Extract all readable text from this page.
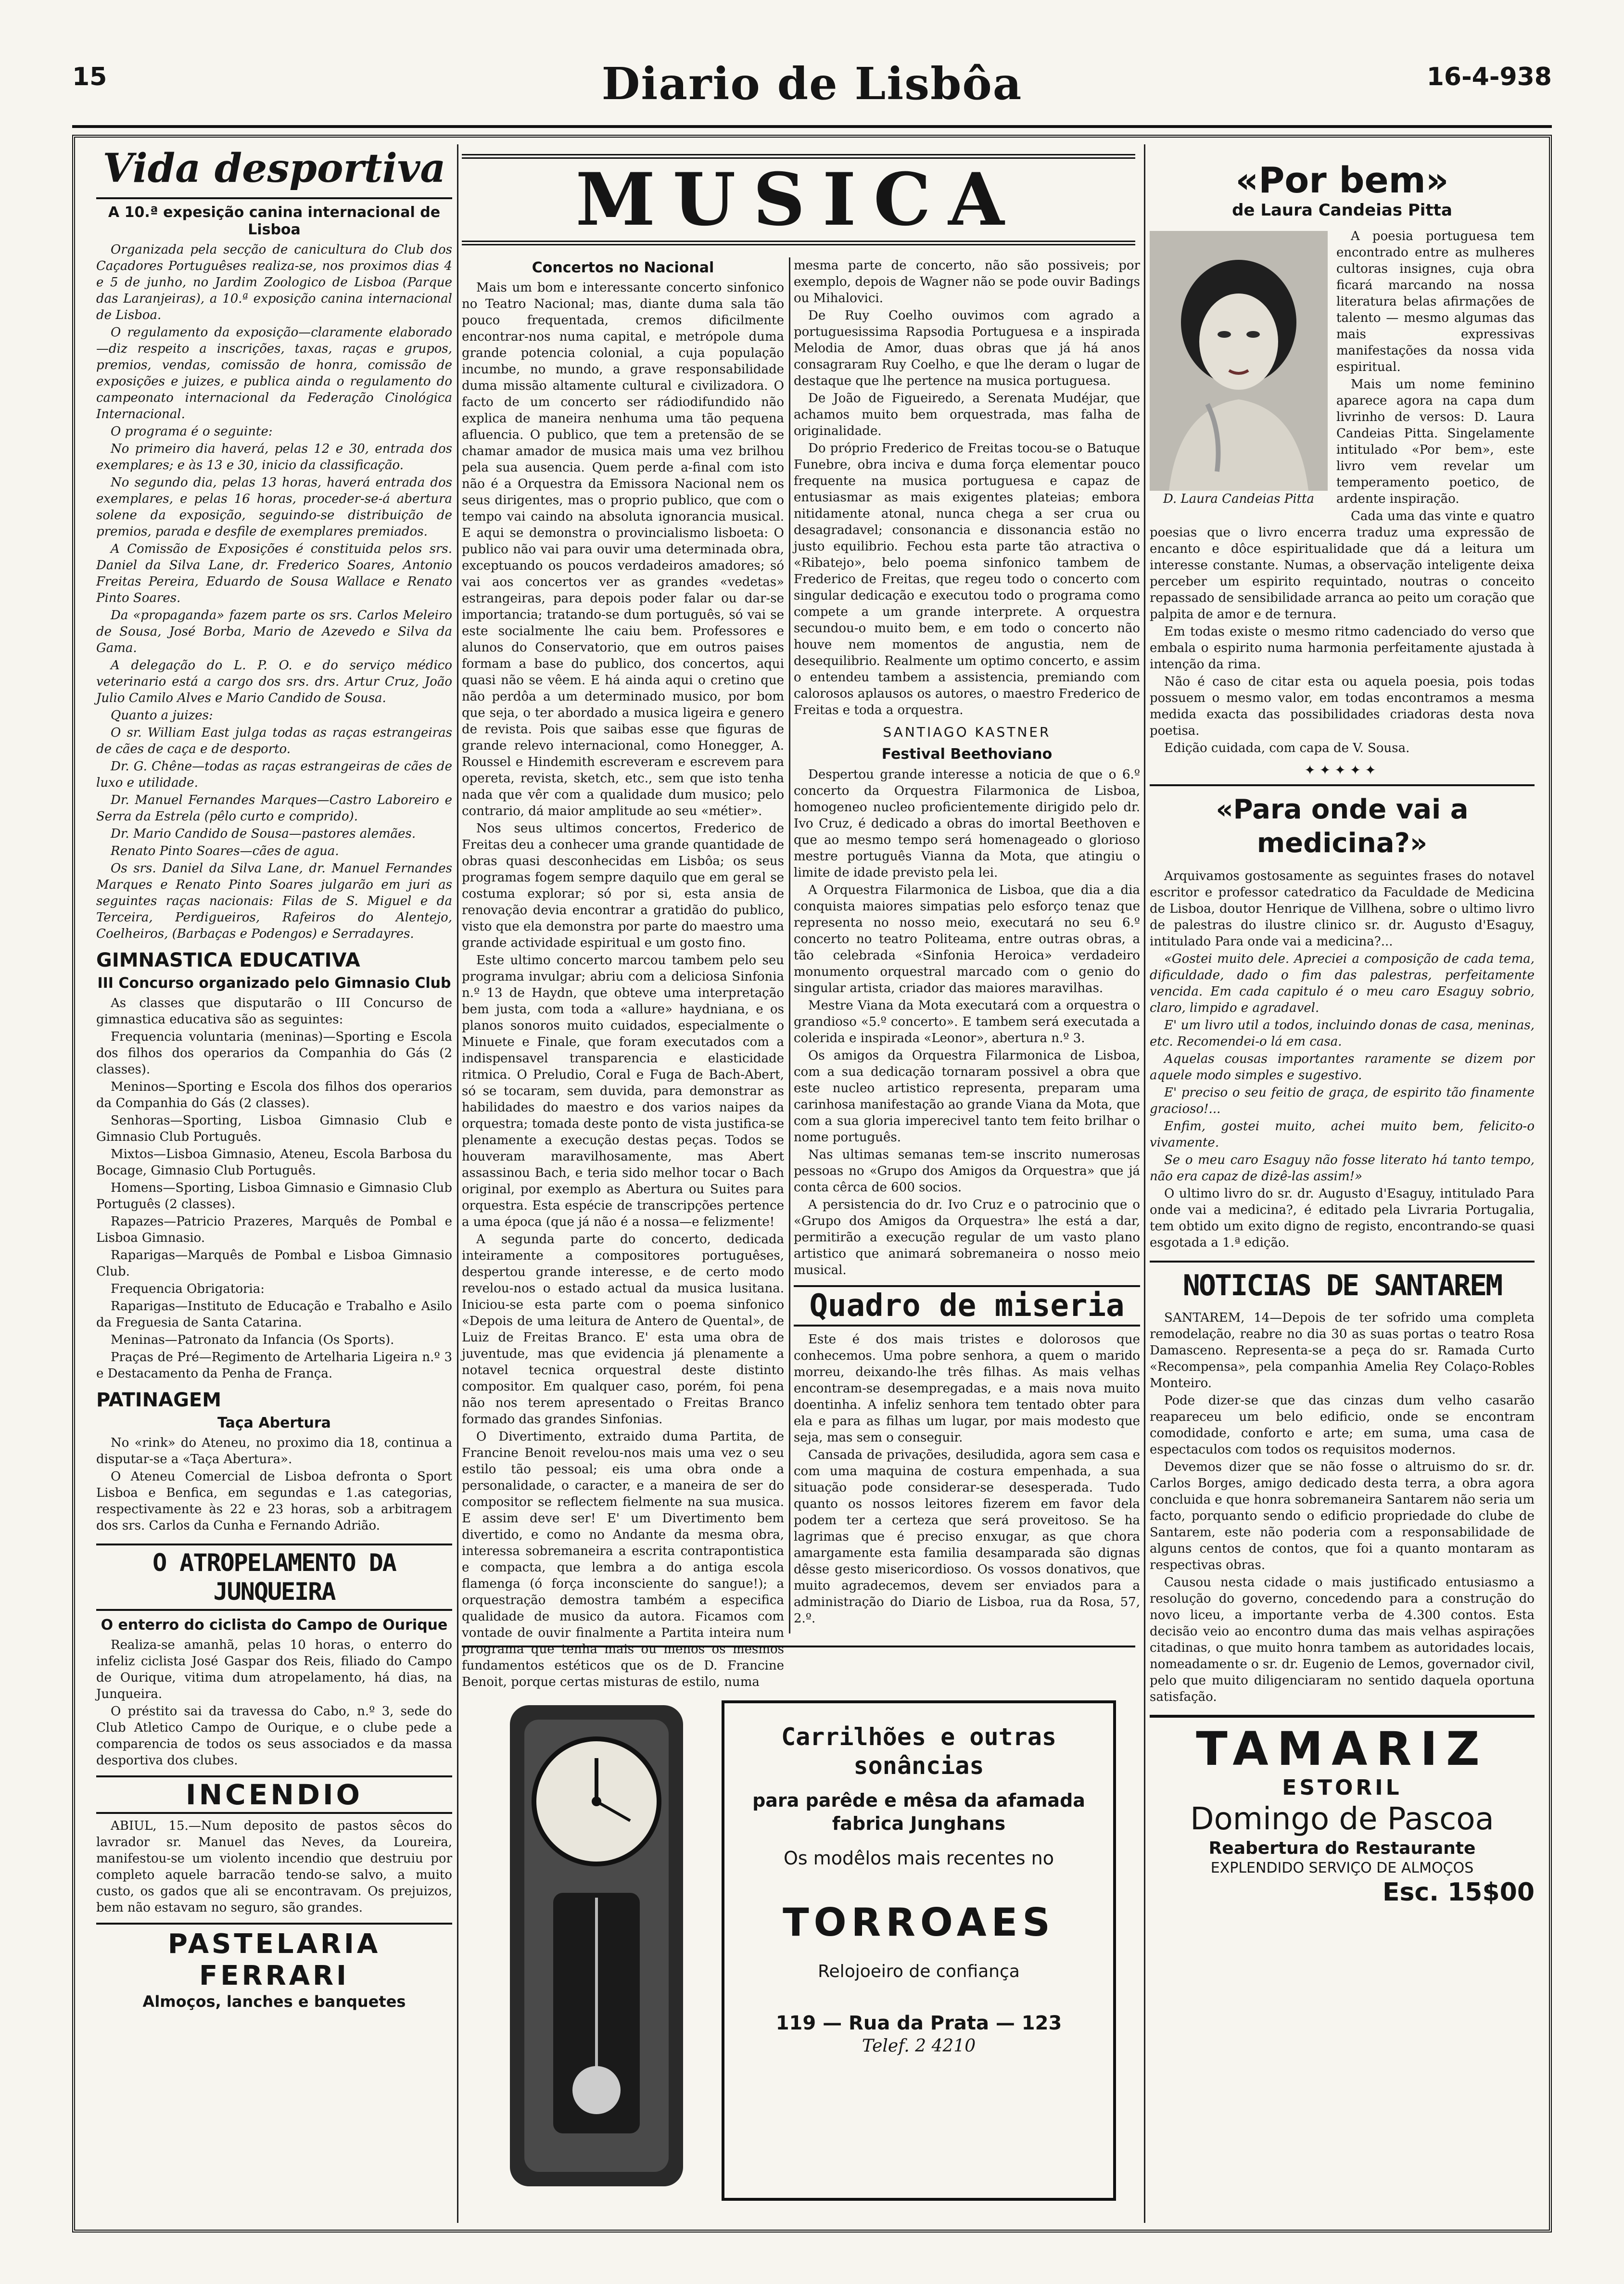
15	Diario de Lisbôa	16-4-938
Vida desportiva
A 10.ª expesição canina internacional de Lisboa

Organizada pela secção de canicultura do Club dos Caçadores Portuguêses realiza-se, nos proximos dias 4 e 5 de junho, no Jardim Zoologico de Lisboa (Parque das Laranjeiras), a 10.ª exposição canina internacional de Lisboa.

O regulamento da exposição—claramente elaborado—diz respeito a inscrições, taxas, raças e grupos, premios, vendas, comissão de honra, comissão de exposições e juizes, e publica ainda o regulamento do campeonato internacional da Federação Cinológica Internacional.

O programa é o seguinte:

No primeiro dia haverá, pelas 12 e 30, entrada dos exemplares; e às 13 e 30, inicio da classificação.

No segundo dia, pelas 13 horas, haverá entrada dos exemplares, e pelas 16 horas, proceder-se-á abertura solene da exposição, seguindo-se distribuição de premios, parada e desfile de exemplares premiados.

A Comissão de Exposições é constituida pelos srs. Daniel da Silva Lane, dr. Frederico Soares, Antonio Freitas Pereira, Eduardo de Sousa Wallace e Renato Pinto Soares.

Da «propaganda» fazem parte os srs. Carlos Meleiro de Sousa, José Borba, Mario de Azevedo e Silva da Gama.

A delegação do L. P. O. e do serviço médico veterinario está a cargo dos srs. drs. Artur Cruz, João Julio Camilo Alves e Mario Candido de Sousa.

Quanto a juizes:

O sr. William East julga todas as raças estrangeiras de cães de caça e de desporto.

Dr. G. Chêne—todas as raças estrangeiras de cães de luxo e utilidade.

Dr. Manuel Fernandes Marques—Castro Laboreiro e Serra da Estrela (pêlo curto e comprido).

Dr. Mario Candido de Sousa—pastores alemães.

Renato Pinto Soares—cães de agua.

Os srs. Daniel da Silva Lane, dr. Manuel Fernandes Marques e Renato Pinto Soares julgarão em juri as seguintes raças nacionais: Filas de S. Miguel e da Terceira, Perdigueiros, Rafeiros do Alentejo, Coelheiros, (Barbaças e Podengos) e Serradayres.

GIMNASTICA EDUCATIVA
III Concurso organizado pelo Gimnasio Club

As classes que disputarão o III Concurso de gimnastica educativa são as seguintes:

Frequencia voluntaria (meninas)—Sporting e Escola dos filhos dos operarios da Companhia do Gás (2 classes).

Meninos—Sporting e Escola dos filhos dos operarios da Companhia do Gás (2 classes).

Senhoras—Sporting, Lisboa Gimnasio Club e Gimnasio Club Português.

Mixtos—Lisboa Gimnasio, Ateneu, Escola Barbosa du Bocage, Gimnasio Club Português.

Homens—Sporting, Lisboa Gimnasio e Gimnasio Club Português (2 classes).

Rapazes—Patricio Prazeres, Marquês de Pombal e Lisboa Gimnasio.

Raparigas—Marquês de Pombal e Lisboa Gimnasio Club.

Frequencia Obrigatoria:

Raparigas—Instituto de Educação e Trabalho e Asilo da Freguesia de Santa Catarina.

Meninas—Patronato da Infancia (Os Sports).

Praças de Pré—Regimento de Artelharia Ligeira n.º 3 e Destacamento da Penha de França.

PATINAGEM
Taça Abertura

No «rink» do Ateneu, no proximo dia 18, continua a disputar-se a «Taça Abertura».

O Ateneu Comercial de Lisboa defronta o Sport Lisboa e Benfica, em segundas e 1.as categorias, respectivamente às 22 e 23 horas, sob a arbitragem dos srs. Carlos da Cunha e Fernando Adrião.

O ATROPELAMENTO DA JUNQUEIRA
O enterro do ciclista do Campo de Ourique

Realiza-se amanhã, pelas 10 horas, o enterro do infeliz ciclista José Gaspar dos Reis, filiado do Campo de Ourique, vitima dum atropelamento, há dias, na Junqueira.

O préstito sai da travessa do Cabo, n.º 3, sede do Club Atletico Campo de Ourique, e o clube pede a comparencia de todos os seus associados e da massa desportiva dos clubes.

INCENDIO

ABIUL, 15.—Num deposito de pastos sêcos do lavrador sr. Manuel das Neves, da Loureira, manifestou-se um violento incendio que destruiu por completo aquele barracão tendo-se salvo, a muito custo, os gados que ali se encontravam. Os prejuizos, bem não estavam no seguro, são grandes.

PASTELARIA FERRARI
Almoços, lanches e banquetes
MUSICA
Concertos no Nacional

Mais um bom e interessante concerto sinfonico no Teatro Nacional; mas, diante duma sala tão pouco frequentada, cremos dificilmente encontrar-nos numa capital, e metrópole duma grande potencia colonial, a cuja população incumbe, no mundo, a grave responsabilidade duma missão altamente cultural e civilizadora. O facto de um concerto ser rádiodifundido não explica de maneira nenhuma uma tão pequena afluencia. O publico, que tem a pretensão de se chamar amador de musica mais uma vez brilhou pela sua ausencia. Quem perde a-final com isto não é a Orquestra da Emissora Nacional nem os seus dirigentes, mas o proprio publico, que com o tempo vai caindo na absoluta ignorancia musical. E aqui se demonstra o provincialismo lisboeta: O publico não vai para ouvir uma determinada obra, exceptuando os poucos verdadeiros amadores; só vai aos concertos ver as grandes «vedetas» estrangeiras, para depois poder falar ou dar-se importancia; tratando-se dum português, só vai se este socialmente lhe caiu bem. Professores e alunos do Conservatorio, que em outros paises formam a base do publico, dos concertos, aqui quasi não se vêem. E há ainda aqui o cretino que não perdôa a um determinado musico, por bom que seja, o ter abordado a musica ligeira e genero de revista. Pois que saibas esse que figuras de grande relevo internacional, como Honegger, A. Roussel e Hindemith escreveram e escrevem para opereta, revista, sketch, etc., sem que isto tenha nada que vêr com a qualidade dum musico; pelo contrario, dá maior amplitude ao seu «métier».

Nos seus ultimos concertos, Frederico de Freitas deu a conhecer uma grande quantidade de obras quasi desconhecidas em Lisbôa; os seus programas fogem sempre daquilo que em geral se costuma explorar; só por si, esta ansia de renovação devia encontrar a gratidão do publico, visto que ela demonstra por parte do maestro uma grande actividade espiritual e um gosto fino.

Este ultimo concerto marcou tambem pelo seu programa invulgar; abriu com a deliciosa Sinfonia n.º 13 de Haydn, que obteve uma interpretação bem justa, com toda a «allure» haydniana, e os planos sonoros muito cuidados, especialmente o Minuete e Finale, que foram executados com a indispensavel transparencia e elasticidade ritmica. O Preludio, Coral e Fuga de Bach-Abert, só se tocaram, sem duvida, para demonstrar as habilidades do maestro e dos varios naipes da orquestra; tomada deste ponto de vista justifica-se plenamente a execução destas peças. Todos se houveram maravilhosamente, mas Abert assassinou Bach, e teria sido melhor tocar o Bach original, por exemplo as Abertura ou Suites para orquestra. Esta espécie de transcripções pertence a uma época (que já não é a nossa—e felizmente!

A segunda parte do concerto, dedicada inteiramente a compositores portuguêses, despertou grande interesse, e de certo modo revelou-nos o estado actual da musica lusitana. Iniciou-se esta parte com o poema sinfonico «Depois de uma leitura de Antero de Quental», de Luiz de Freitas Branco. E' esta uma obra de juventude, mas que evidencia já plenamente a notavel tecnica orquestral deste distinto compositor. Em qualquer caso, porém, foi pena não nos terem apresentado o Freitas Branco formado das grandes Sinfonias.

O Divertimento, extraido duma Partita, de Francine Benoit revelou-nos mais uma vez o seu estilo tão pessoal; eis uma obra onde a personalidade, o caracter, e a maneira de ser do compositor se reflectem fielmente na sua musica. E assim deve ser! E' um Divertimento bem divertido, e como no Andante da mesma obra, interessa sobremaneira a escrita contrapontistica e compacta, que lembra a do antiga escola flamenga (ó força inconsciente do sangue!); a orquestração demostra também a especifica qualidade de musico da autora. Ficamos com vontade de ouvir finalmente a Partita inteira num programa que tenha mais ou menos os mesmos fundamentos estéticos que os de D. Francine Benoit, porque certas misturas de estilo, numa

mesma parte de concerto, não são possiveis; por exemplo, depois de Wagner não se pode ouvir Badings ou Mihalovici.

De Ruy Coelho ouvimos com agrado a portuguesissima Rapsodia Portuguesa e a inspirada Melodia de Amor, duas obras que já há anos consagraram Ruy Coelho, e que lhe deram o lugar de destaque que lhe pertence na musica portuguesa.

De João de Figueiredo, a Serenata Mudéjar, que achamos muito bem orquestrada, mas falha de originalidade.

Do próprio Frederico de Freitas tocou-se o Batuque Funebre, obra inciva e duma força elementar pouco frequente na musica portuguesa e capaz de entusiasmar as mais exigentes plateias; embora nitidamente atonal, nunca chega a ser crua ou desagradavel; consonancia e dissonancia estão no justo equilibrio. Fechou esta parte tão atractiva o «Ribatejo», belo poema sinfonico tambem de Frederico de Freitas, que regeu todo o concerto com singular dedicação e executou todo o programa como compete a um grande interprete. A orquestra secundou-o muito bem, e em todo o concerto não houve nem momentos de angustia, nem de desequilibrio. Realmente um optimo concerto, e assim o entendeu tambem a assistencia, premiando com calorosos aplausos os autores, o maestro Frederico de Freitas e toda a orquestra.

SANTIAGO KASTNER
Festival Beethoviano

Despertou grande interesse a noticia de que o 6.º concerto da Orquestra Filarmonica de Lisboa, homogeneo nucleo proficientemente dirigido pelo dr. Ivo Cruz, é dedicado a obras do imortal Beethoven e que ao mesmo tempo será homenageado o glorioso mestre português Vianna da Mota, que atingiu o limite de idade previsto pela lei.

A Orquestra Filarmonica de Lisboa, que dia a dia conquista maiores simpatias pelo esforço tenaz que representa no nosso meio, executará no seu 6.º concerto no teatro Politeama, entre outras obras, a tão celebrada «Sinfonia Heroica» verdadeiro monumento orquestral marcado com o genio do singular artista, criador das maiores maravilhas.

Mestre Viana da Mota executará com a orquestra o grandioso «5.º concerto». E tambem será executada a colerida e inspirada «Leonor», abertura n.º 3.

Os amigos da Orquestra Filarmonica de Lisboa, com a sua dedicação tornaram possivel a obra que este nucleo artistico representa, preparam uma carinhosa manifestação ao grande Viana da Mota, que com a sua gloria imperecivel tanto tem feito brilhar o nome português.

Nas ultimas semanas tem-se inscrito numerosas pessoas no «Grupo dos Amigos da Orquestra» que já conta cêrca de 600 socios.

A persistencia do dr. Ivo Cruz e o patrocinio que o «Grupo dos Amigos da Orquestra» lhe está a dar, permitirão a execução regular de um vasto plano artistico que animará sobremaneira o nosso meio musical.

Quadro de miseria

Este é dos mais tristes e dolorosos que conhecemos. Uma pobre senhora, a quem o marido morreu, deixando-lhe três filhas. As mais velhas encontram-se desempregadas, e a mais nova muito doentinha. A infeliz senhora tem tentado obter para ela e para as filhas um lugar, por mais modesto que seja, mas sem o conseguir.

Cansada de privações, desiludida, agora sem casa e com uma maquina de costura empenhada, a sua situação pode considerar-se desesperada. Tudo quanto os nossos leitores fizerem em favor dela podem ter a certeza que será proveitoso. Se ha lagrimas que é preciso enxugar, as que chora amargamente esta familia desamparada são dignas dêsse gesto misericordioso. Os vossos donativos, que muito agradecemos, devem ser enviados para a administração do Diario de Lisboa, rua da Rosa, 57, 2.º.

Carrilhões e outras sonâncias
para parêde e mêsa da afamada fabrica Junghans
Os modêlos mais recentes no
TORROAES
Relojoeiro de confiança
119 — Rua da Prata — 123
Telef. 2 4210
«Por bem»
de Laura Candeias Pitta
D. Laura Candeias Pitta

A poesia portuguesa tem encontrado entre as mulheres cultoras insignes, cuja obra ficará marcando na nossa literatura belas afirmações de talento — mesmo algumas das mais expressivas manifestações da nossa vida espiritual.

Mais um nome feminino aparece agora na capa dum livrinho de versos: D. Laura Candeias Pitta. Singelamente intitulado «Por bem», este livro vem revelar um temperamento poetico, de ardente inspiração.

Cada uma das vinte e quatro poesias que o livro encerra traduz uma expressão de encanto e dôce espiritualidade que dá a leitura um interesse constante. Numas, a observação inteligente deixa perceber um espirito requintado, noutras o conceito repassado de sensibilidade arranca ao peito um coração que palpita de amor e de ternura.

Em todas existe o mesmo ritmo cadenciado do verso que embala o espirito numa harmonia perfeitamente ajustada à intenção da rima.

Não é caso de citar esta ou aquela poesia, pois todas possuem o mesmo valor, em todas encontramos a mesma medida exacta das possibilidades criadoras desta nova poetisa.

Edição cuidada, com capa de V. Sousa.

✦✦✦✦✦
«Para onde vai a medicina?»

Arquivamos gostosamente as seguintes frases do notavel escritor e professor catedratico da Faculdade de Medicina de Lisboa, doutor Henrique de Villhena, sobre o ultimo livro de palestras do ilustre clinico sr. dr. Augusto d'Esaguy, intitulado Para onde vai a medicina?...

«Gostei muito dele. Apreciei a composição de cada tema, dificuldade, dado o fim das palestras, perfeitamente vencida. Em cada capitulo é o meu caro Esaguy sobrio, claro, limpido e agradavel.

E' um livro util a todos, incluindo donas de casa, meninas, etc. Recomendei-o lá em casa.

Aquelas cousas importantes raramente se dizem por aquele modo simples e sugestivo.

E' preciso o seu feitio de graça, de espirito tão finamente gracioso!...

Enfim, gostei muito, achei muito bem, felicito-o vivamente.

Se o meu caro Esaguy não fosse literato há tanto tempo, não era capaz de dizê-las assim!»

O ultimo livro do sr. dr. Augusto d'Esaguy, intitulado Para onde vai a medicina?, é editado pela Livraria Portugalia, tem obtido um exito digno de registo, encontrando-se quasi esgotada a 1.ª edição.

NOTICIAS DE SANTAREM

SANTAREM, 14—Depois de ter sofrido uma completa remodelação, reabre no dia 30 as suas portas o teatro Rosa Damasceno. Representa-se a peça do sr. Ramada Curto «Recompensa», pela companhia Amelia Rey Colaço-Robles Monteiro.

Pode dizer-se que das cinzas dum velho casarão reapareceu um belo edificio, onde se encontram comodidade, conforto e arte; em suma, uma casa de espectaculos com todos os requisitos modernos.

Devemos dizer que se não fosse o altruismo do sr. dr. Carlos Borges, amigo dedicado desta terra, a obra agora concluida e que honra sobremaneira Santarem não seria um facto, porquanto sendo o edificio propriedade do clube de Santarem, este não poderia com a responsabilidade de alguns centos de contos, que foi a quanto montaram as respectivas obras.

Causou nesta cidade o mais justificado entusiasmo a resolução do governo, concedendo para a construção do novo liceu, a importante verba de 4.300 contos. Esta decisão veio ao encontro duma das mais velhas aspirações citadinas, o que muito honra tambem as autoridades locais, nomeadamente o sr. dr. Eugenio de Lemos, governador civil, pelo que muito diligenciaram no sentido daquela oportuna satisfação.

TAMARIZ
ESTORIL
Domingo de Pascoa
Reabertura do Restaurante
EXPLENDIDO SERVIÇO DE ALMOÇOS
Esc. 15$00
